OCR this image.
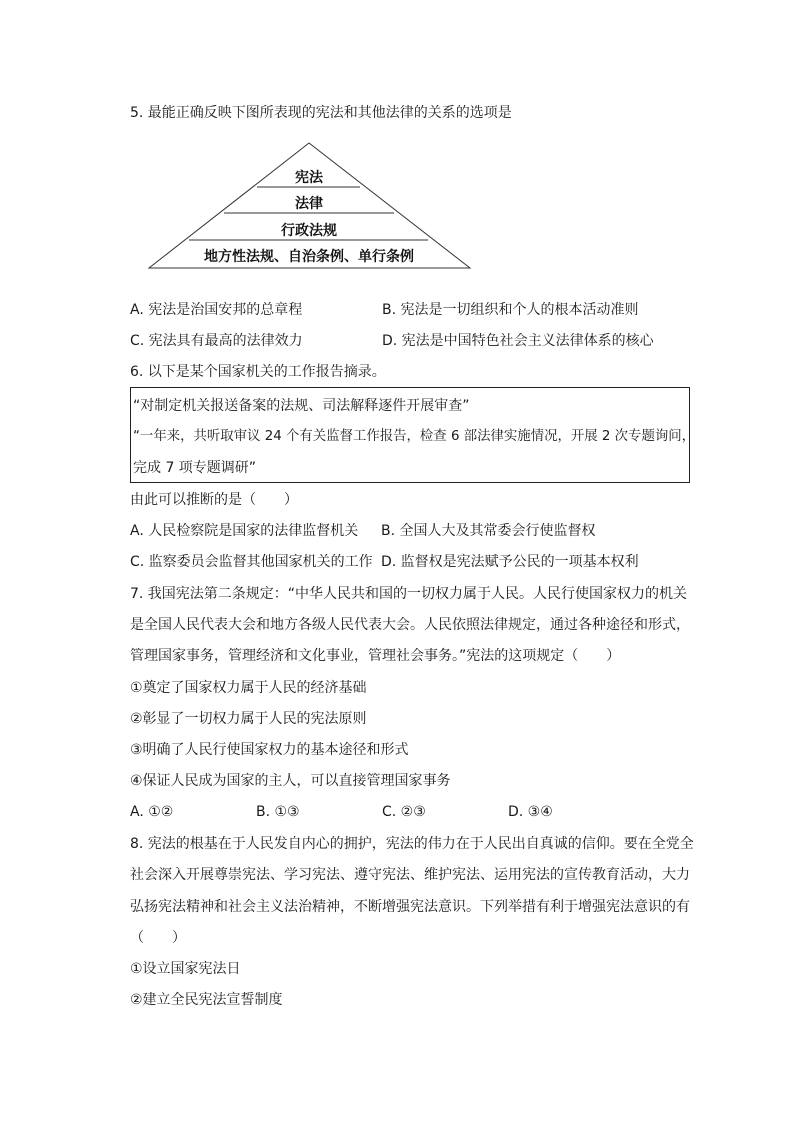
5. 最能正确反映下图所表现的宪法和其他法律的关系的选项是
宪法
法律
行政法规
地方性法规、自治条例、单行条例
A. 宪法是治国安邦的总章程	B. 宪法是一切组织和个人的根本活动准则
C. 宪法具有最高的法律效力	D. 宪法是中国特色社会主义法律体系的核心
6. 以下是某个国家机关的工作报告摘录。
“对制定机关报送备案的法规、司法解释逐件开展审查”
“一年来，共听取审议 24 个有关监督工作报告，检查 6 部法律实施情况，开展 2 次专题询问，
完成 7 项专题调研”
由此可以推断的是（　　）
A. 人民检察院是国家的法律监督机关 B. 全国人大及其常委会行使监督权
C. 监察委员会监督其他国家机关的工作 D. 监督权是宪法赋予公民的一项基本权利
7. 我国宪法第二条规定：“中华人民共和国的一切权力属于人民。人民行使国家权力的机关
是全国人民代表大会和地方各级人民代表大会。人民依照法律规定，通过各种途径和形式，
管理国家事务，管理经济和文化事业，管理社会事务。”宪法的这项规定（　　）
①奠定了国家权力属于人民的经济基础
②彰显了一切权力属于人民的宪法原则
③明确了人民行使国家权力的基本途径和形式
④保证人民成为国家的主人，可以直接管理国家事务
A. ①②	B. ①③	C. ②③	D. ③④
8. 宪法的根基在于人民发自内心的拥护，宪法的伟力在于人民出自真诚的信仰。要在全党全
社会深入开展尊崇宪法、学习宪法、遵守宪法、维护宪法、运用宪法的宣传教育活动，大力
弘扬宪法精神和社会主义法治精神，不断增强宪法意识。下列举措有利于增强宪法意识的有
（　　）
①设立国家宪法日
②建立全民宪法宣誓制度
